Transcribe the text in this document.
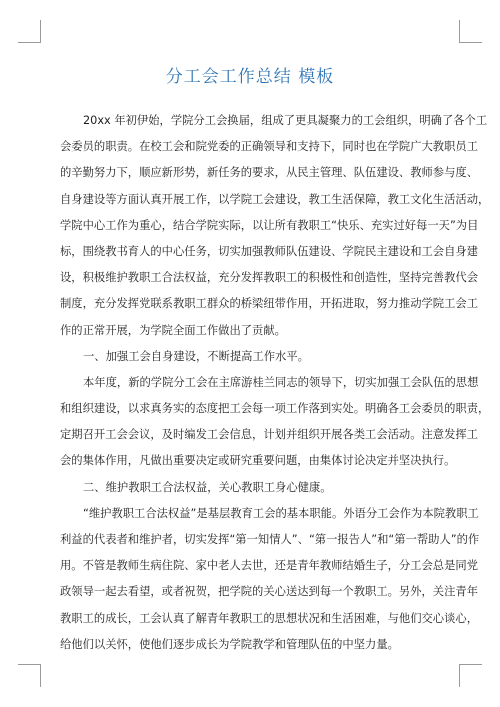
分工会工作总结 模板
20xx 年初伊始，学院分工会换届，组成了更具凝聚力的工会组织，明确了各个工
会委员的职责。在校工会和院党委的正确领导和支持下，同时也在学院广大教职员工
的辛勤努力下，顺应新形势，新任务的要求，从民主管理、队伍建设、教师参与度、
自身建设等方面认真开展工作，以学院工会建设，教工生活保障，教工文化生活活动，
学院中心工作为重心，结合学院实际，以让所有教职工“快乐、充实过好每一天”为目
标，围绕教书育人的中心任务，切实加强教师队伍建设、学院民主建设和工会自身建
设，积极维护教职工合法权益，充分发挥教职工的积极性和创造性，坚持完善教代会
制度，充分发挥党联系教职工群众的桥梁纽带作用，开拓进取，努力推动学院工会工
作的正常开展，为学院全面工作做出了贡献。
一、加强工会自身建设，不断提高工作水平。
本年度，新的学院分工会在主席游桂兰同志的领导下，切实加强工会队伍的思想
和组织建设，以求真务实的态度把工会每一项工作落到实处。明确各工会委员的职责，
定期召开工会会议，及时编发工会信息，计划并组织开展各类工会活动。注意发挥工
会的集体作用，凡做出重要决定或研究重要问题，由集体讨论决定并坚决执行。
二、维护教职工合法权益，关心教职工身心健康。
“维护教职工合法权益”是基层教育工会的基本职能。外语分工会作为本院教职工
利益的代表者和维护者，切实发挥“第一知情人”、“第一报告人”和“第一帮助人”的作
用。不管是教师生病住院、家中老人去世，还是青年教师结婚生子，分工会总是同党
政领导一起去看望，或者祝贺，把学院的关心送达到每一个教职工。另外，关注青年
教职工的成长，工会认真了解青年教职工的思想状况和生活困难，与他们交心谈心，
给他们以关怀，使他们逐步成长为学院教学和管理队伍的中坚力量。
